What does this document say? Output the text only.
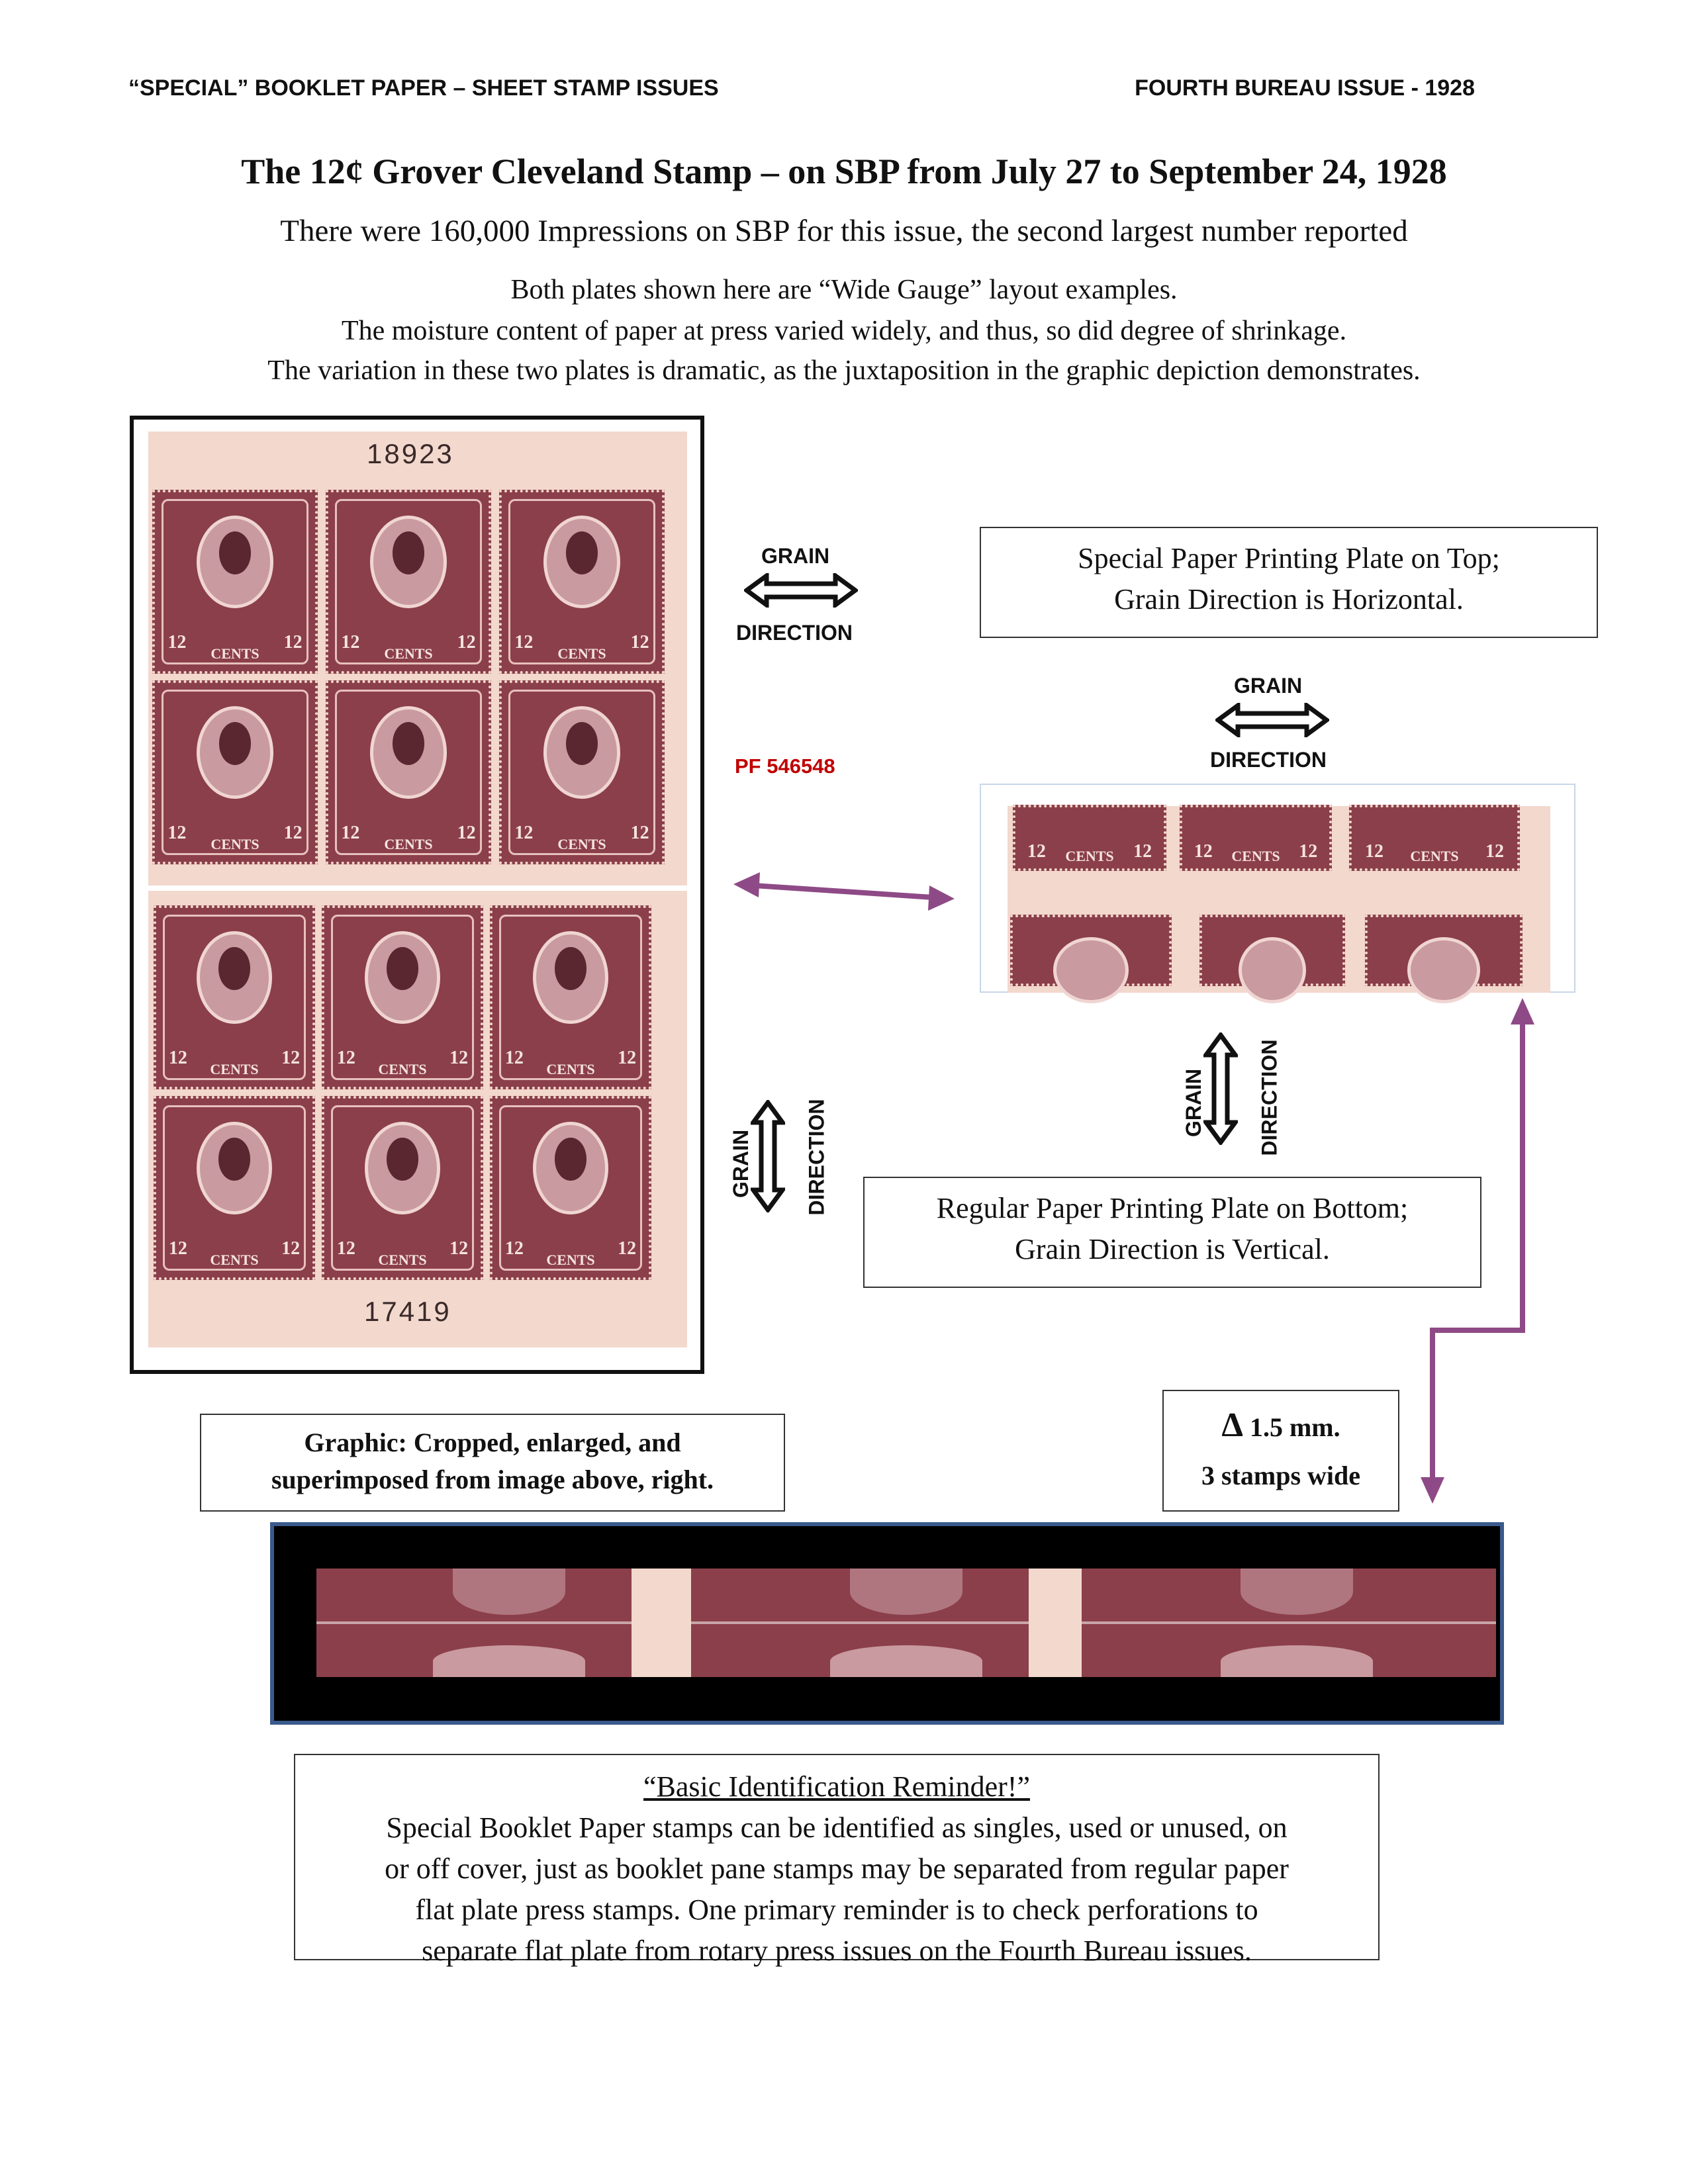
“SPECIAL” BOOKLET PAPER – SHEET STAMP ISSUES	FOURTH BUREAU ISSUE - 1928
The 12¢ Grover Cleveland Stamp – on SBP from July 27 to September 24, 1928
There were 160,000 Impressions on SBP for this issue, the second largest number reported
Both plates shown here are “Wide Gauge” layout examples.
The moisture content of paper at press varied widely, and thus, so did degree of shrinkage.
The variation in these two plates is dramatic, as the juxtaposition in the graphic depiction demonstrates.
18923
12	12
CENTS
12	12
CENTS
12	12
CENTS
12	12
CENTS
12	12
CENTS
12	12
CENTS
12	12
CENTS
12	12
CENTS
12	12
CENTS
12	12
CENTS
12	12
CENTS
12	12
CENTS
17419
GRAIN
DIRECTION
PF 546548
Special Paper Printing Plate on Top;
Grain Direction is Horizontal.
GRAIN
DIRECTION
12	12
CENTS	12	12
CENTS	12	12
CENTS
GRAIN DIRECTION
GRAIN DIRECTION	Regular Paper Printing Plate on Bottom;
Grain Direction is Vertical.
Graphic: Cropped, enlarged, and
superimposed from image above, right.
Δ 1.5 mm.
3 stamps wide
“Basic Identification Reminder!”
Special Booklet Paper stamps can be identified as singles, used or unused, on
or off cover, just as booklet pane stamps may be separated from regular paper
flat plate press stamps. One primary reminder is to check perforations to
separate flat plate from rotary press issues on the Fourth Bureau issues.
